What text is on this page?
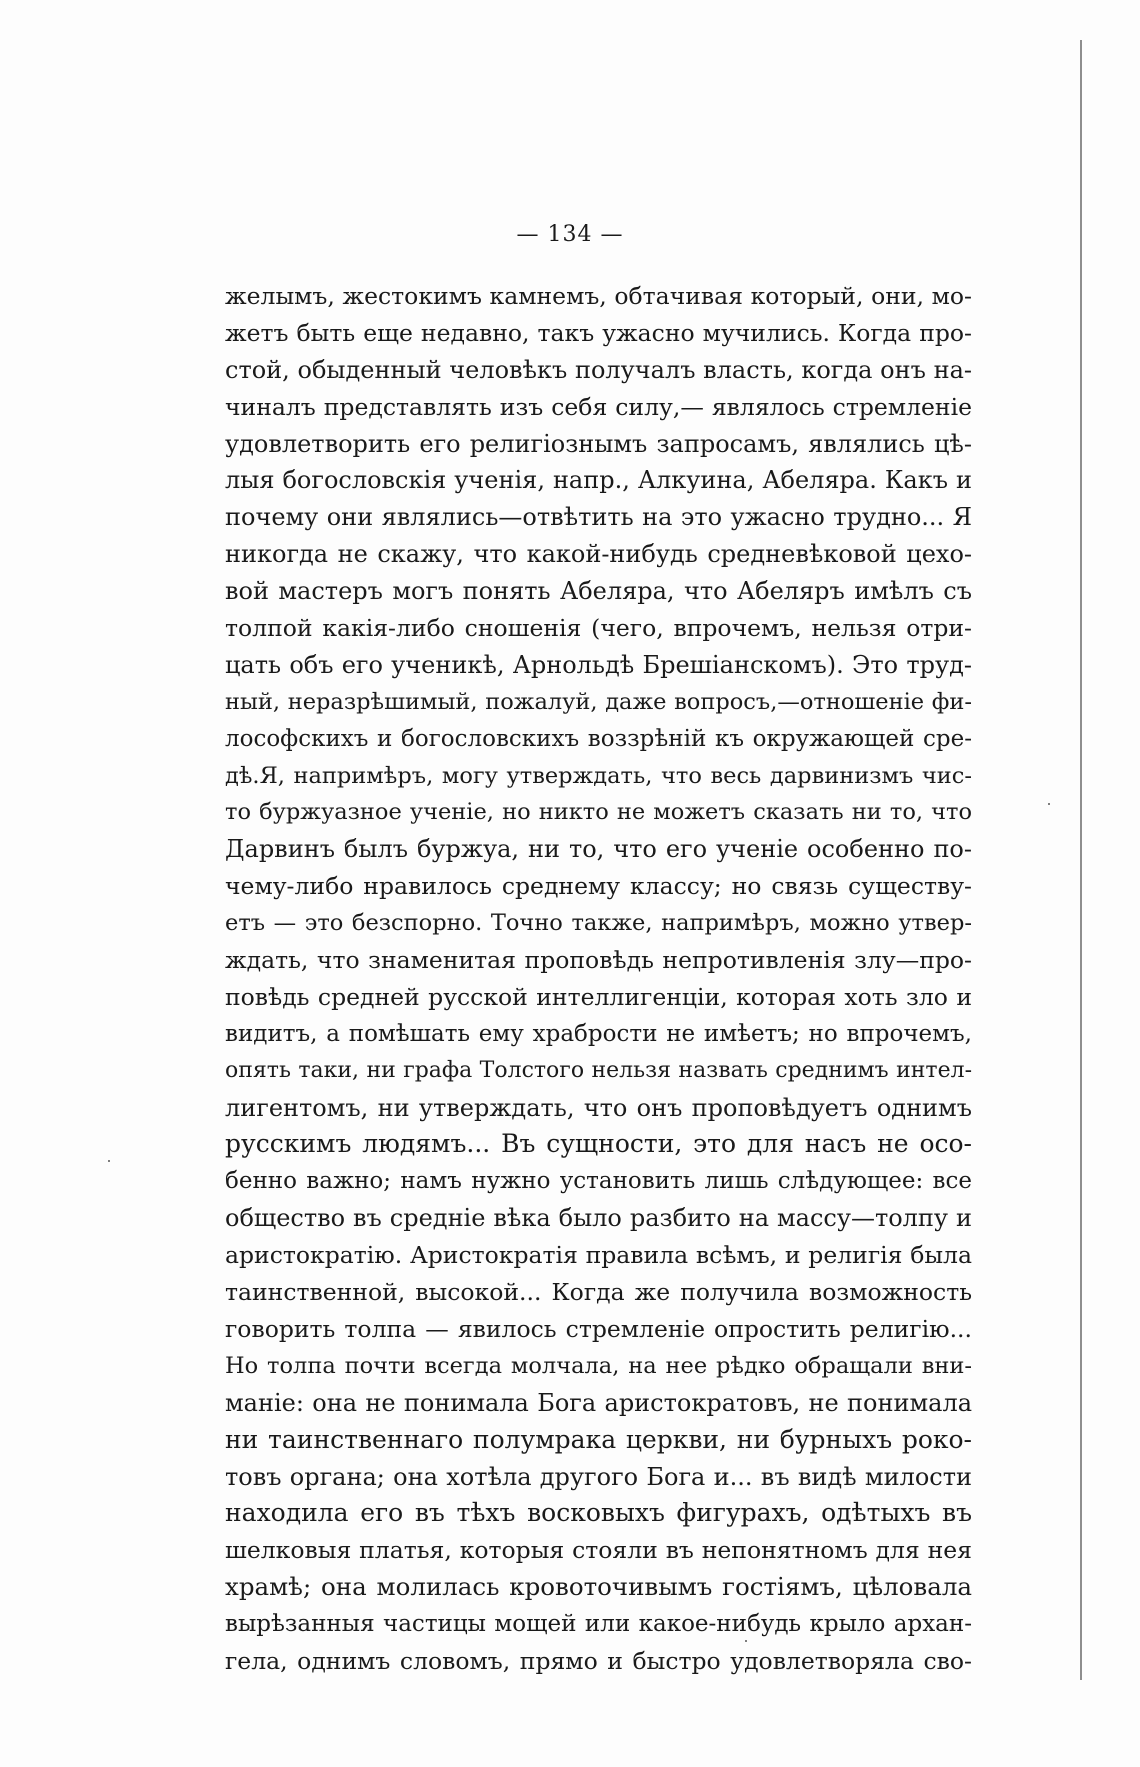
— 134 —
желымъ, жестокимъ камнемъ, обтачивая который, они, мо-
жетъ быть еще недавно, такъ ужасно мучились. Когда про-
стой, обыденный человѣкъ получалъ власть, когда онъ на-
чиналъ представлять изъ себя силу,— являлось стремленіе
удовлетворить его религіознымъ запросамъ, являлись цѣ-
лыя богословскія ученія, напр., Алкуина, Абеляра. Какъ и
почему они являлись—отвѣтить на это ужасно трудно... Я
никогда не скажу, что какой-нибудь средневѣковой цехо-
вой мастеръ могъ понять Абеляра, что Абеляръ имѣлъ съ
толпой какія-либо сношенія (чего, впрочемъ, нельзя отри-
цать объ его ученикѣ, Арнольдѣ Брешіанскомъ). Это труд-
ный, неразрѣшимый, пожалуй, даже вопросъ,—отношеніе фи-
лософскихъ и богословскихъ воззрѣній къ окружающей сре-
дѣ.Я, напримѣръ, могу утверждать, что весь дарвинизмъ чис-
то буржуазное ученіе, но никто не можетъ сказать ни то, что
Дарвинъ былъ буржуа, ни то, что его ученіе особенно по-
чему-либо нравилось среднему классу; но связь существу-
етъ — это безспорно. Точно также, напримѣръ, можно утвер-
ждать, что знаменитая проповѣдь непротивленія злу—про-
повѣдь средней русской интеллигенціи, которая хоть зло и
видитъ, а помѣшать ему храбрости не имѣетъ; но впрочемъ,
опять таки, ни графа Толстого нельзя назвать среднимъ интел-
лигентомъ, ни утверждать, что онъ проповѣдуетъ однимъ
русскимъ людямъ... Въ сущности, это для насъ не осо-
бенно важно; намъ нужно установить лишь слѣдующее: все
общество въ средніе вѣка было разбито на массу—толпу и
аристократію. Аристократія правила всѣмъ, и религія была
таинственной, высокой... Когда же получила возможность
говорить толпа — явилось стремленіе опростить религію...
Но толпа почти всегда молчала, на нее рѣдко обращали вни-
маніе: она не понимала Бога аристократовъ, не понимала
ни таинственнаго полумрака церкви, ни бурныхъ роко-
товъ органа; она хотѣла другого Бога и... въ видѣ милости
находила его въ тѣхъ восковыхъ фигурахъ, одѣтыхъ въ
шелковыя платья, которыя стояли въ непонятномъ для нея
храмѣ; она молилась кровоточивымъ гостіямъ, цѣловала
вырѣзанныя частицы мощей или какое-нибудь крыло архан-
гела, однимъ словомъ, прямо и быстро удовлетворяла сво-
